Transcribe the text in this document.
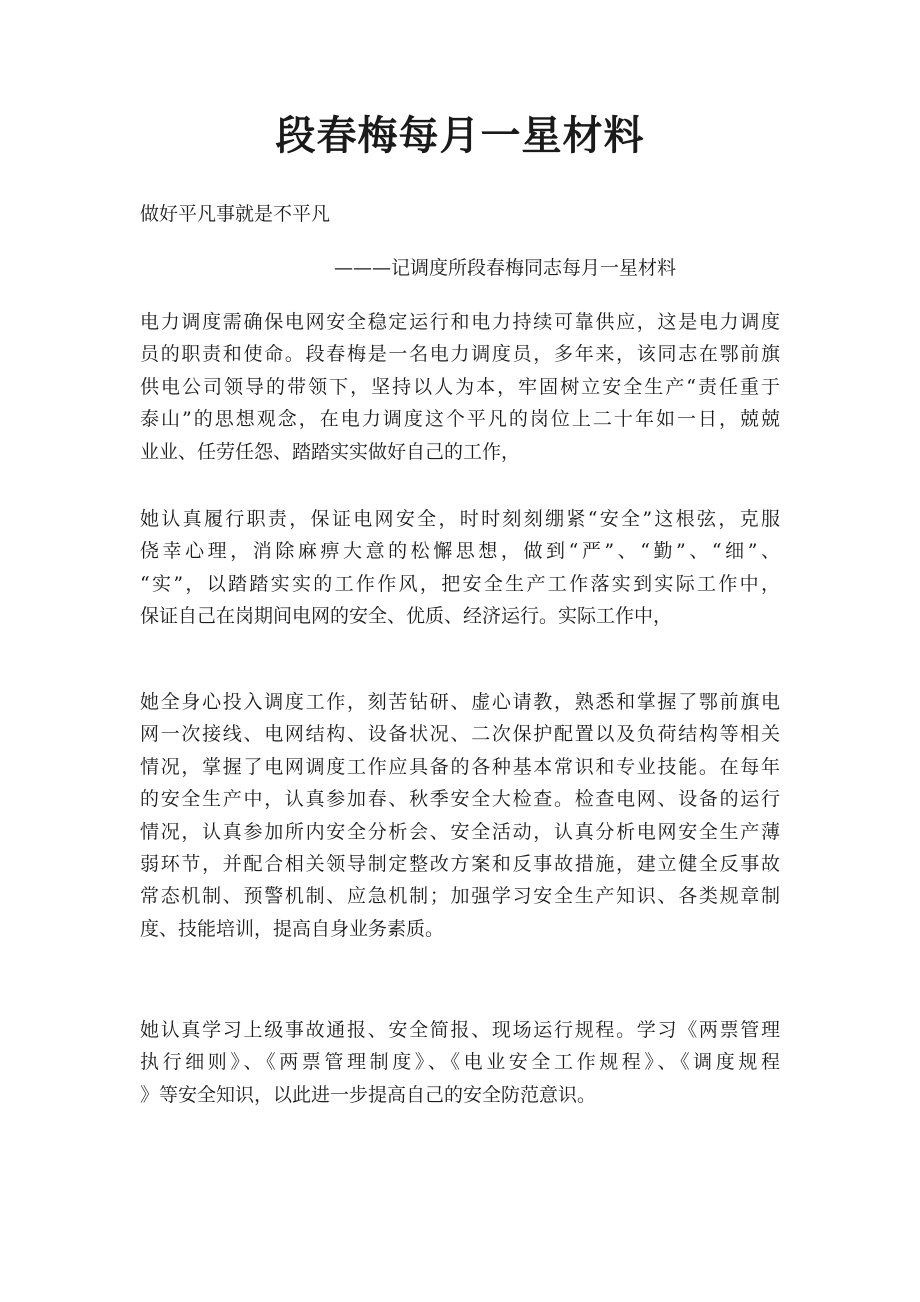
段春梅每月一星材料

做好平凡事就是不平凡

———记调度所段春梅同志每月一星材料

电力调度需确保电网安全稳定运行和电力持续可靠供应，这是电力调度
员的职责和使命。段春梅是一名电力调度员，多年来，该同志在鄂前旗
供电公司领导的带领下，坚持以人为本，牢固树立安全生产“责任重于
泰山”的思想观念，在电力调度这个平凡的岗位上二十年如一日，兢兢
业业、任劳任怨、踏踏实实做好自己的工作，
她认真履行职责，保证电网安全，时时刻刻绷紧“安全”这根弦，克服
侥幸心理，消除麻痹大意的松懈思想，做到“严”、“勤”、“细”、
“实”，以踏踏实实的工作作风，把安全生产工作落实到实际工作中，
保证自己在岗期间电网的安全、优质、经济运行。实际工作中，
她全身心投入调度工作，刻苦钻研、虚心请教，熟悉和掌握了鄂前旗电
网一次接线、电网结构、设备状况、二次保护配置以及负荷结构等相关
情况，掌握了电网调度工作应具备的各种基本常识和专业技能。在每年
的安全生产中，认真参加春、秋季安全大检查。检查电网、设备的运行
情况，认真参加所内安全分析会、安全活动，认真分析电网安全生产薄
弱环节，并配合相关领导制定整改方案和反事故措施，建立健全反事故
常态机制、预警机制、应急机制；加强学习安全生产知识、各类规章制
度、技能培训，提高自身业务素质。
她认真学习上级事故通报、安全简报、现场运行规程。学习《两票管理
执行细则》、《两票管理制度》、《电业安全工作规程》、《调度规程
》等安全知识，以此进一步提高自己的安全防范意识。
